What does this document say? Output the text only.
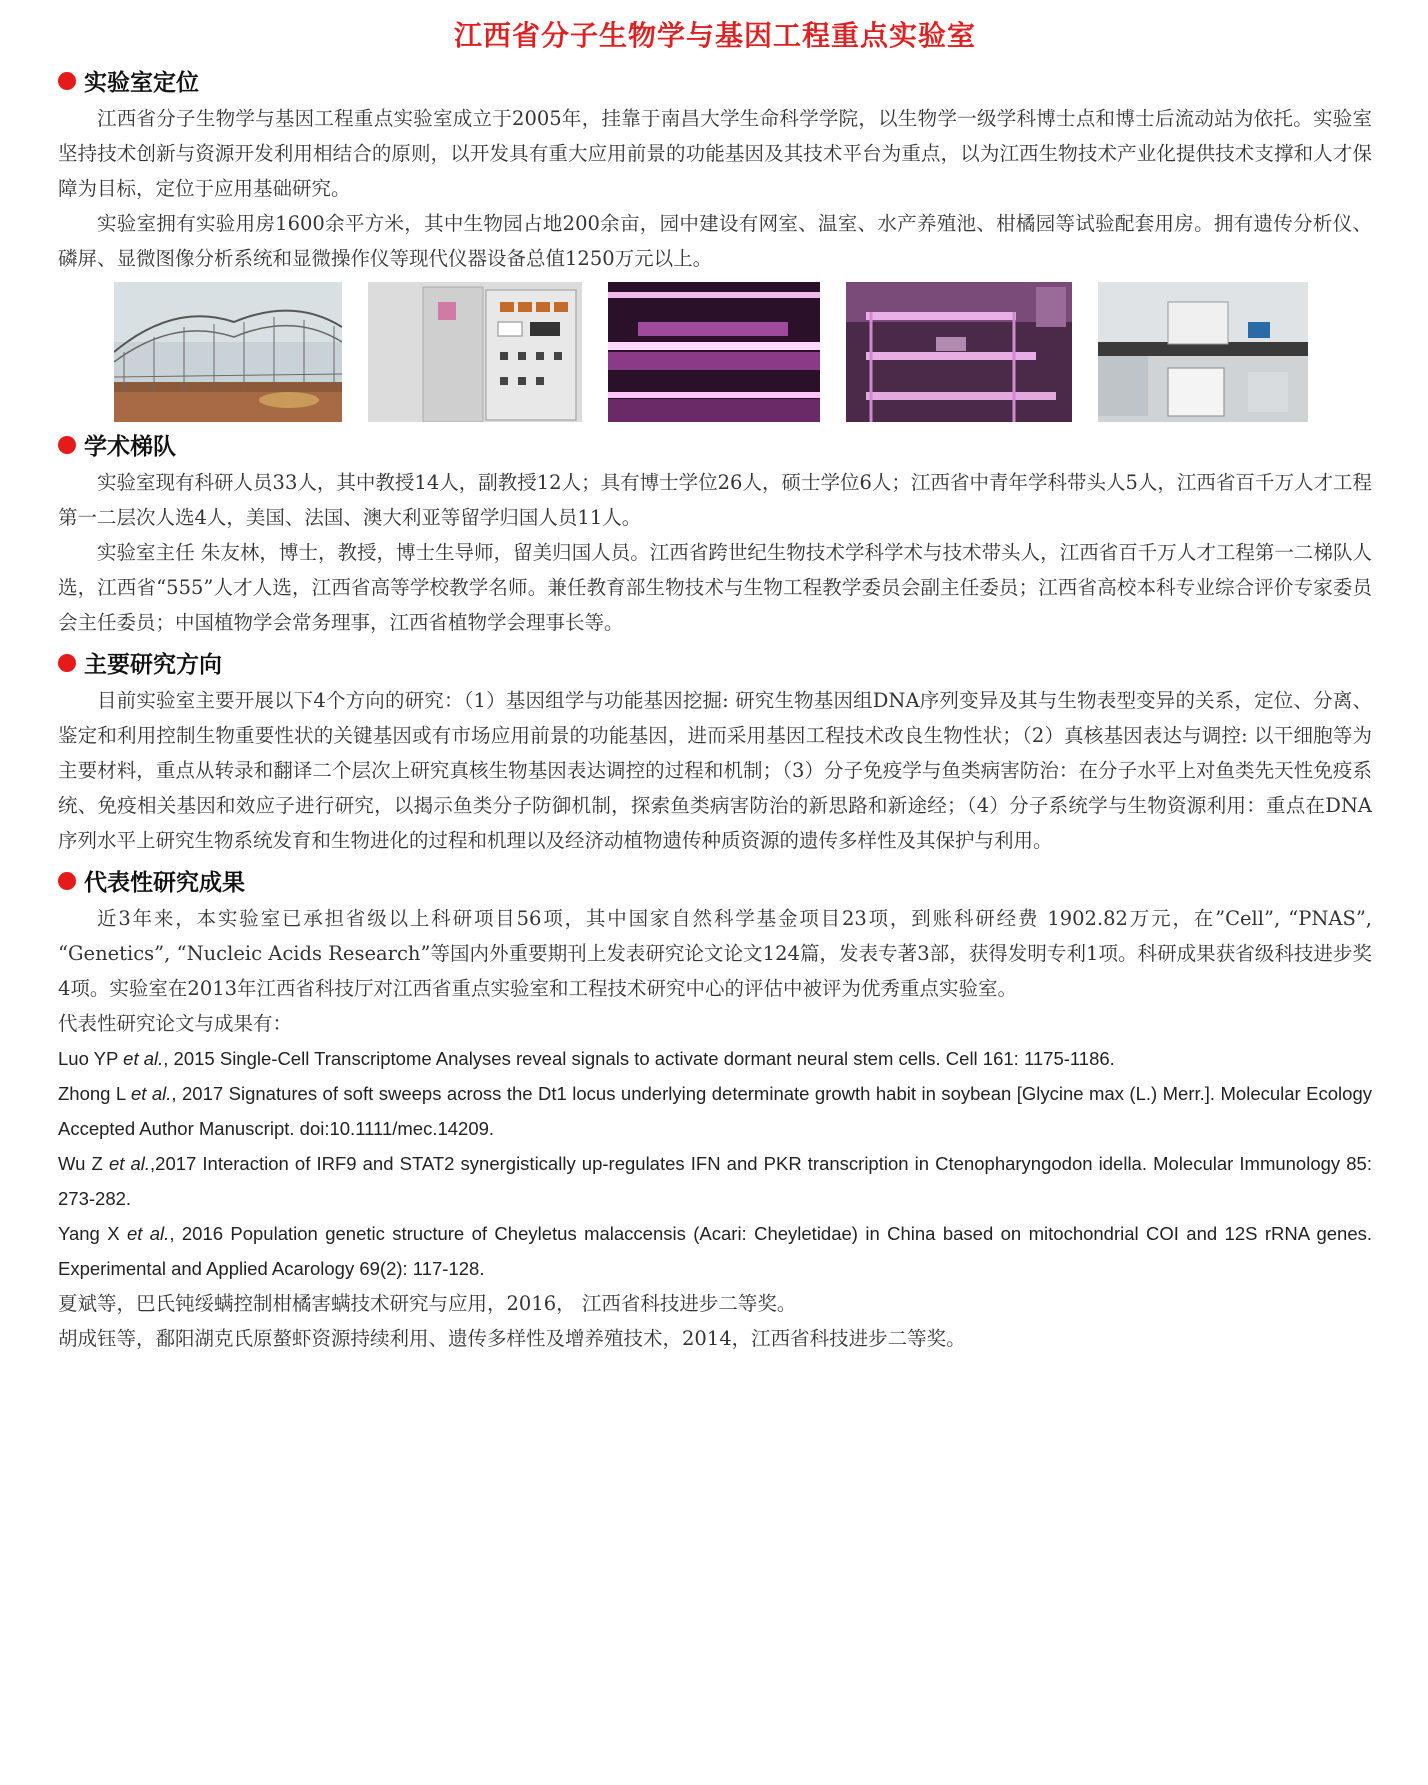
江西省分子生物学与基因工程重点实验室
实验室定位

江西省分子生物学与基因工程重点实验室成立于2005年，挂靠于南昌大学生命科学学院，以生物学一级学科博士点和博士后流动站为依托。实验室坚持技术创新与资源开发利用相结合的原则，以开发具有重大应用前景的功能基因及其技术平台为重点，以为江西生物技术产业化提供技术支撑和人才保障为目标，定位于应用基础研究。

实验室拥有实验用房1600余平方米，其中生物园占地200余亩，园中建设有网室、温室、水产养殖池、柑橘园等试验配套用房。拥有遗传分析仪、磷屏、显微图像分析系统和显微操作仪等现代仪器设备总值1250万元以上。

学术梯队

实验室现有科研人员33人，其中教授14人，副教授12人；具有博士学位26人，硕士学位6人；江西省中青年学科带头人5人，江西省百千万人才工程第一二层次人选4人，美国、法国、澳大利亚等留学归国人员11人。

实验室主任 朱友林，博士，教授，博士生导师，留美归国人员。江西省跨世纪生物技术学科学术与技术带头人，江西省百千万人才工程第一二梯队人选，江西省“555”人才人选，江西省高等学校教学名师。兼任教育部生物技术与生物工程教学委员会副主任委员；江西省高校本科专业综合评价专家委员会主任委员；中国植物学会常务理事，江西省植物学会理事长等。

主要研究方向

目前实验室主要开展以下4个方向的研究：（1）基因组学与功能基因挖掘: 研究生物基因组DNA序列变异及其与生物表型变异的关系，定位、分离、鉴定和利用控制生物重要性状的关键基因或有市场应用前景的功能基因，进而采用基因工程技术改良生物性状；（2）真核基因表达与调控: 以干细胞等为主要材料，重点从转录和翻译二个层次上研究真核生物基因表达调控的过程和机制；（3）分子免疫学与鱼类病害防治：在分子水平上对鱼类先天性免疫系统、免疫相关基因和效应子进行研究，以揭示鱼类分子防御机制，探索鱼类病害防治的新思路和新途经；（4）分子系统学与生物资源利用：重点在DNA序列水平上研究生物系统发育和生物进化的过程和机理以及经济动植物遗传种质资源的遗传多样性及其保护与利用。

代表性研究成果

近3年来，本实验室已承担省级以上科研项目56项，其中国家自然科学基金项目23项，到账科研经费 1902.82万元，在”Cell”, “PNAS”, “Genetics”, “Nucleic Acids Research”等国内外重要期刊上发表研究论文论文124篇，发表专著3部，获得发明专利1项。科研成果获省级科技进步奖4项。实验室在2013年江西省科技厅对江西省重点实验室和工程技术研究中心的评估中被评为优秀重点实验室。

代表性研究论文与成果有：

Luo YP et al., 2015 Single-Cell Transcriptome Analyses reveal signals to activate dormant neural stem cells. Cell 161: 1175-1186.

Zhong L et al., 2017 Signatures of soft sweeps across the Dt1 locus underlying determinate growth habit in soybean [Glycine max (L.) Merr.]. Molecular Ecology Accepted Author Manuscript. doi:10.1111/mec.14209.

Wu Z et al.,2017 Interaction of IRF9 and STAT2 synergistically up-regulates IFN and PKR transcription in Ctenopharyngodon idella. Molecular Immunology 85: 273-282.

Yang X et al., 2016 Population genetic structure of Cheyletus malaccensis (Acari: Cheyletidae) in China based on mitochondrial COI and 12S rRNA genes. Experimental and Applied Acarology 69(2): 117-128.

夏斌等，巴氏钝绥螨控制柑橘害螨技术研究与应用，2016， 江西省科技进步二等奖。

胡成钰等，鄱阳湖克氏原螯虾资源持续利用、遗传多样性及增养殖技术，2014，江西省科技进步二等奖。
